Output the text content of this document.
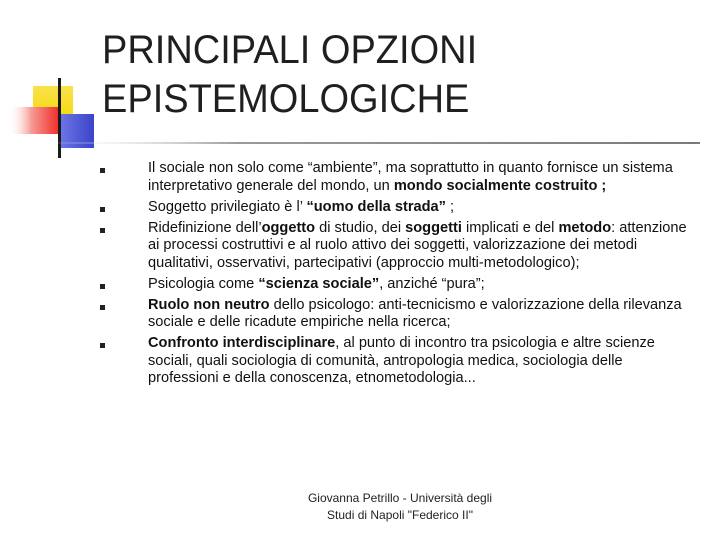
PRINCIPALI OPZIONI
EPISTEMOLOGICHE
Il sociale non solo come “ambiente”, ma soprattutto in quanto fornisce un sistema interpretativo generale del mondo, un mondo socialmente costruito ;
Soggetto privilegiato è l’ “uomo della strada” ;
Ridefinizione dell’oggetto di studio, dei soggetti implicati e del metodo: attenzione ai processi costruttivi e al ruolo attivo dei soggetti, valorizzazione dei metodi qualitativi, osservativi, partecipativi (approccio multi-metodologico);
Psicologia come “scienza sociale”, anziché “pura”;
Ruolo non neutro dello psicologo: anti-tecnicismo e valorizzazione della rilevanza sociale e delle ricadute empiriche nella ricerca;
Confronto interdisciplinare, al punto di incontro tra psicologia e altre scienze sociali, quali sociologia di comunità, antropologia medica, sociologia delle professioni e della conoscenza, etnometodologia...
Giovanna Petrillo - Università degli
Studi di Napoli "Federico II"
